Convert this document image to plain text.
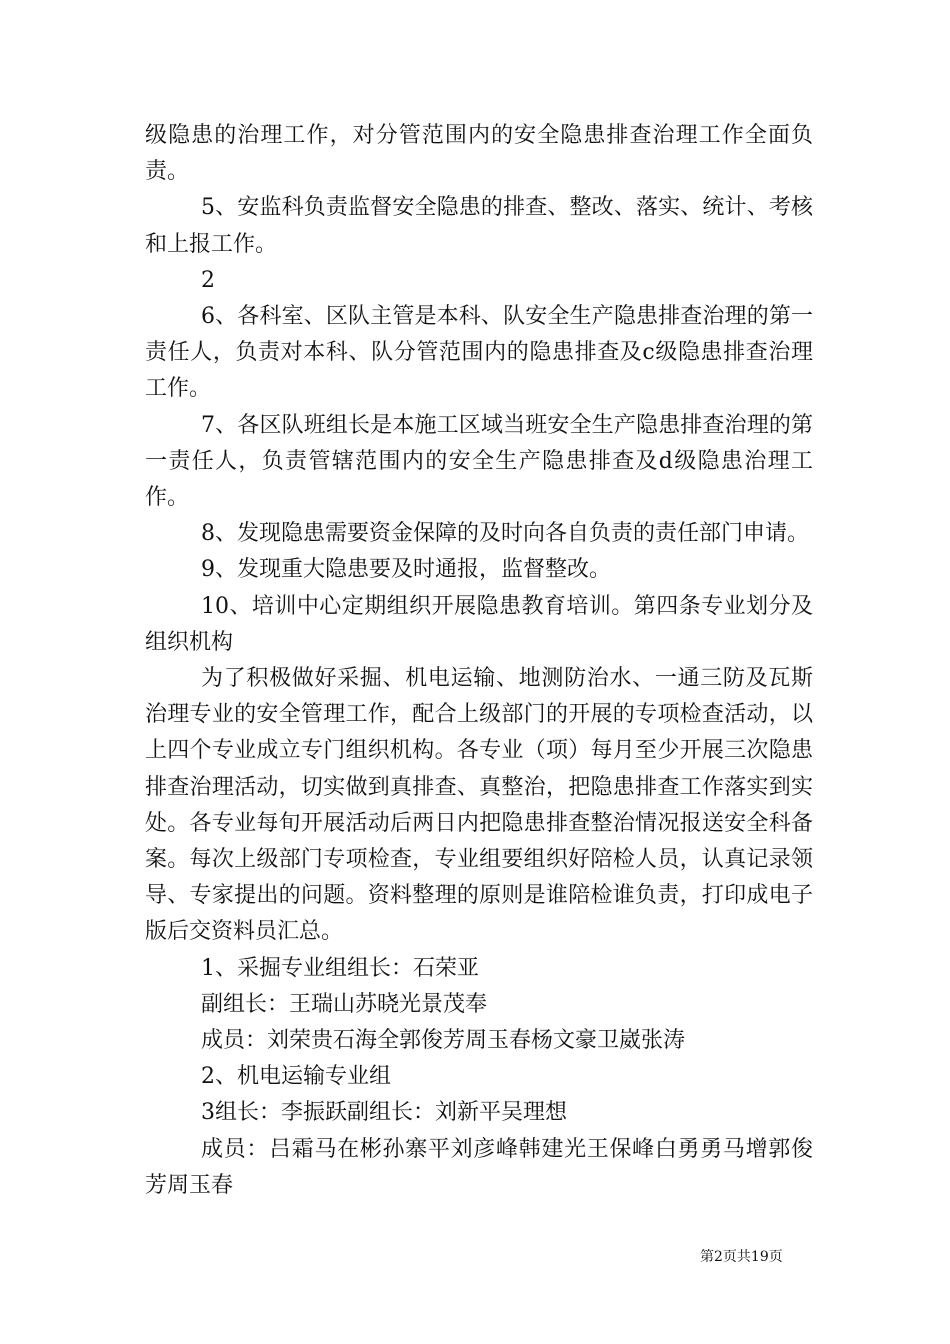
级隐患的治理工作，对分管范围内的安全隐患排查治理工作全面负责。

5、安监科负责监督安全隐患的排查、整改、落实、统计、考核和上报工作。

2

6、各科室、区队主管是本科、队安全生产隐患排查治理的第一责任人，负责对本科、队分管范围内的隐患排查及c级隐患排查治理工作。

7、各区队班组长是本施工区域当班安全生产隐患排查治理的第一责任人，负责管辖范围内的安全生产隐患排查及d级隐患治理工作。

8、发现隐患需要资金保障的及时向各自负责的责任部门申请。

9、发现重大隐患要及时通报，监督整改。

10、培训中心定期组织开展隐患教育培训。第四条专业划分及组织机构

为了积极做好采掘、机电运输、地测防治水、一通三防及瓦斯治理专业的安全管理工作，配合上级部门的开展的专项检查活动，以上四个专业成立专门组织机构。各专业（项）每月至少开展三次隐患排查治理活动，切实做到真排查、真整治，把隐患排查工作落实到实处。各专业每旬开展活动后两日内把隐患排查整治情况报送安全科备案。每次上级部门专项检查，专业组要组织好陪检人员，认真记录领导、专家提出的问题。资料整理的原则是谁陪检谁负责，打印成电子版后交资料员汇总。

1、采掘专业组组长：石荣亚

副组长：王瑞山苏晓光景茂奉

成员：刘荣贵石海全郭俊芳周玉春杨文豪卫崴张涛

2、机电运输专业组

3组长：李振跃副组长：刘新平吴理想

成员：吕霜马在彬孙寨平刘彦峰韩建光王保峰白勇勇马增郭俊芳周玉春

第2页共19页
